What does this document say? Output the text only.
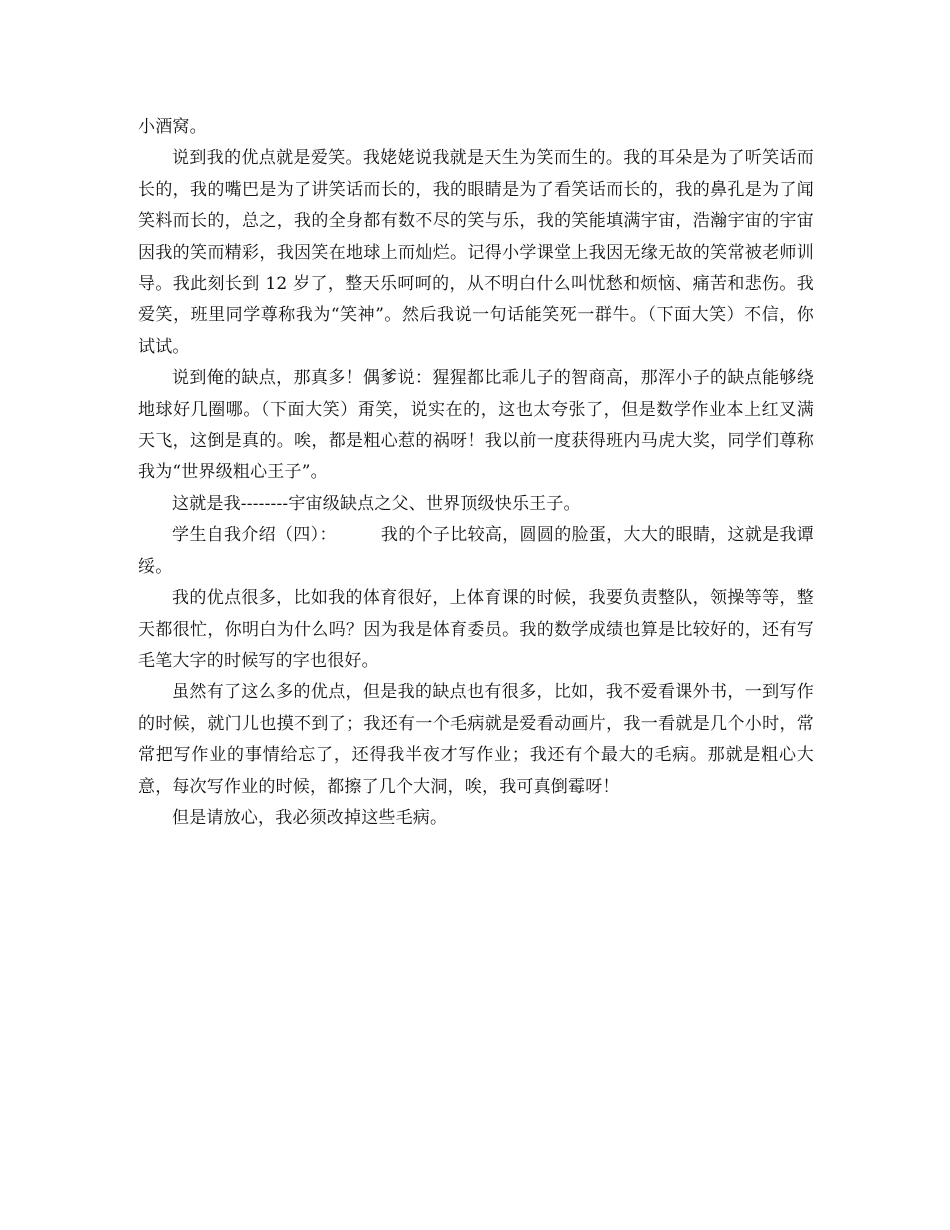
小酒窝。

说到我的优点就是爱笑。我姥姥说我就是天生为笑而生的。我的耳朵是为了听笑话而长的，我的嘴巴是为了讲笑话而长的，我的眼睛是为了看笑话而长的，我的鼻孔是为了闻笑料而长的，总之，我的全身都有数不尽的笑与乐，我的笑能填满宇宙，浩瀚宇宙的宇宙因我的笑而精彩，我因笑在地球上而灿烂。记得小学课堂上我因无缘无故的笑常被老师训导。我此刻长到 12 岁了，整天乐呵呵的，从不明白什么叫忧愁和烦恼、痛苦和悲伤。我爱笑，班里同学尊称我为“笑神”。然后我说一句话能笑死一群牛。（下面大笑）不信，你试试。

说到俺的缺点，那真多！偶爹说：猩猩都比乖儿子的智商高，那浑小子的缺点能够绕地球好几圈哪。（下面大笑）甭笑，说实在的，这也太夸张了，但是数学作业本上红叉满天飞，这倒是真的。唉，都是粗心惹的祸呀！我以前一度获得班内马虎大奖，同学们尊称我为“世界级粗心王子”。

这就是我--------宇宙级缺点之父、世界顶级快乐王子。

学生自我介绍（四）：	我的个子比较高，圆圆的脸蛋，大大的眼睛，这就是我谭绥。

我的优点很多，比如我的体育很好，上体育课的时候，我要负责整队，领操等等，整天都很忙，你明白为什么吗？因为我是体育委员。我的数学成绩也算是比较好的，还有写毛笔大字的时候写的字也很好。

虽然有了这么多的优点，但是我的缺点也有很多，比如，我不爱看课外书，一到写作的时候，就门儿也摸不到了；我还有一个毛病就是爱看动画片，我一看就是几个小时，常常把写作业的事情给忘了，还得我半夜才写作业；我还有个最大的毛病。那就是粗心大意，每次写作业的时候，都擦了几个大洞，唉，我可真倒霉呀！

但是请放心，我必须改掉这些毛病。
